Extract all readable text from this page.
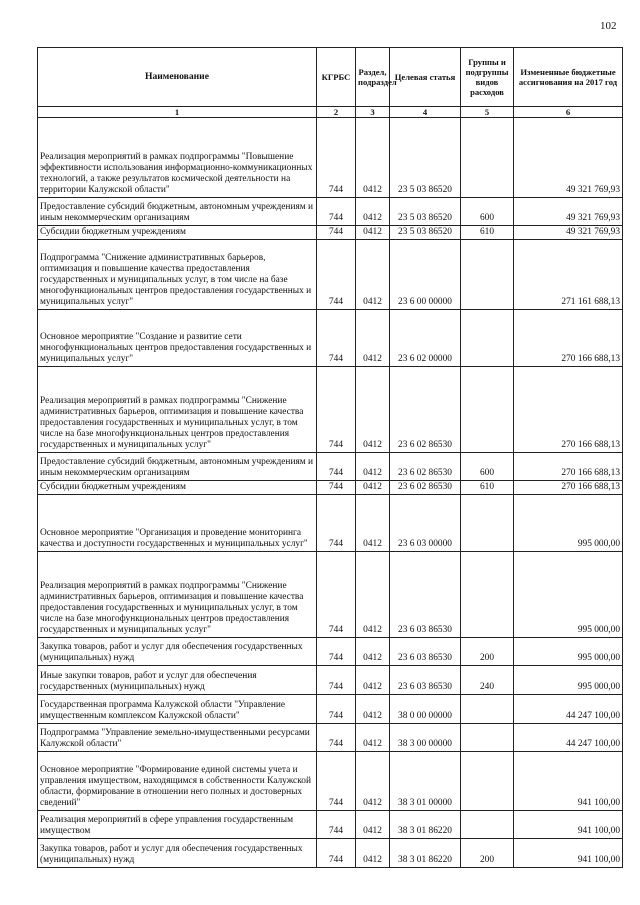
102
Наименование	КГРБС	Раздел, подраздел	Целевая статья	Группы и подгруппы видов расходов	Измененные бюджетные ассигнования на 2017 год
1	2	3	4	5	6
Реализация мероприятий в рамках подпрограммы "Повышение эффективности использования информационно-коммуникационных технологий, а также результатов космической деятельности на территории Калужской области"	744	0412	23 5 03 86520		49 321 769,93
Предоставление субсидий бюджетным, автономным учреждениям и иным некоммерческим организациям	744	0412	23 5 03 86520	600	49 321 769,93
Субсидии бюджетным учреждениям	744	0412	23 5 03 86520	610	49 321 769,93
Подпрограмма "Снижение административных барьеров, оптимизация и повышение качества предоставления государственных и муниципальных услуг, в том числе на базе многофункциональных центров предоставления государственных и муниципальных услуг"	744	0412	23 6 00 00000		271 161 688,13
Основное мероприятие "Создание и развитие сети многофункциональных центров предоставления государственных и муниципальных услуг"	744	0412	23 6 02 00000		270 166 688,13
Реализация мероприятий в рамках подпрограммы "Снижение административных барьеров, оптимизация и повышение качества предоставления государственных и муниципальных услуг, в том числе на базе многофункциональных центров предоставления государственных и муниципальных услуг"	744	0412	23 6 02 86530		270 166 688,13
Предоставление субсидий бюджетным, автономным учреждениям и иным некоммерческим организациям	744	0412	23 6 02 86530	600	270 166 688,13
Субсидии бюджетным учреждениям	744	0412	23 6 02 86530	610	270 166 688,13
Основное мероприятие "Организация и проведение мониторинга качества и доступности государственных и муниципальных услуг"	744	0412	23 6 03 00000		995 000,00
Реализация мероприятий в рамках подпрограммы "Снижение административных барьеров, оптимизация и повышение качества предоставления государственных и муниципальных услуг, в том числе на базе многофункциональных центров предоставления государственных и муниципальных услуг"	744	0412	23 6 03 86530		995 000,00
Закупка товаров, работ и услуг для обеспечения государственных (муниципальных) нужд	744	0412	23 6 03 86530	200	995 000,00
Иные закупки товаров, работ и услуг для обеспечения государственных (муниципальных) нужд	744	0412	23 6 03 86530	240	995 000,00
Государственная программа Калужской области "Управление имущественным комплексом Калужской области"	744	0412	38 0 00 00000		44 247 100,00
Подпрограмма "Управление земельно-имущественными ресурсами Калужской области"	744	0412	38 3 00 00000		44 247 100,00
Основное мероприятие "Формирование единой системы учета и управления имуществом, находящимся в собственности Калужской области, формирование в отношении него полных и достоверных сведений"	744	0412	38 3 01 00000		941 100,00
Реализация мероприятий в сфере управления государственным имуществом	744	0412	38 3 01 86220		941 100,00
Закупка товаров, работ и услуг для обеспечения государственных (муниципальных) нужд	744	0412	38 3 01 86220	200	941 100,00
